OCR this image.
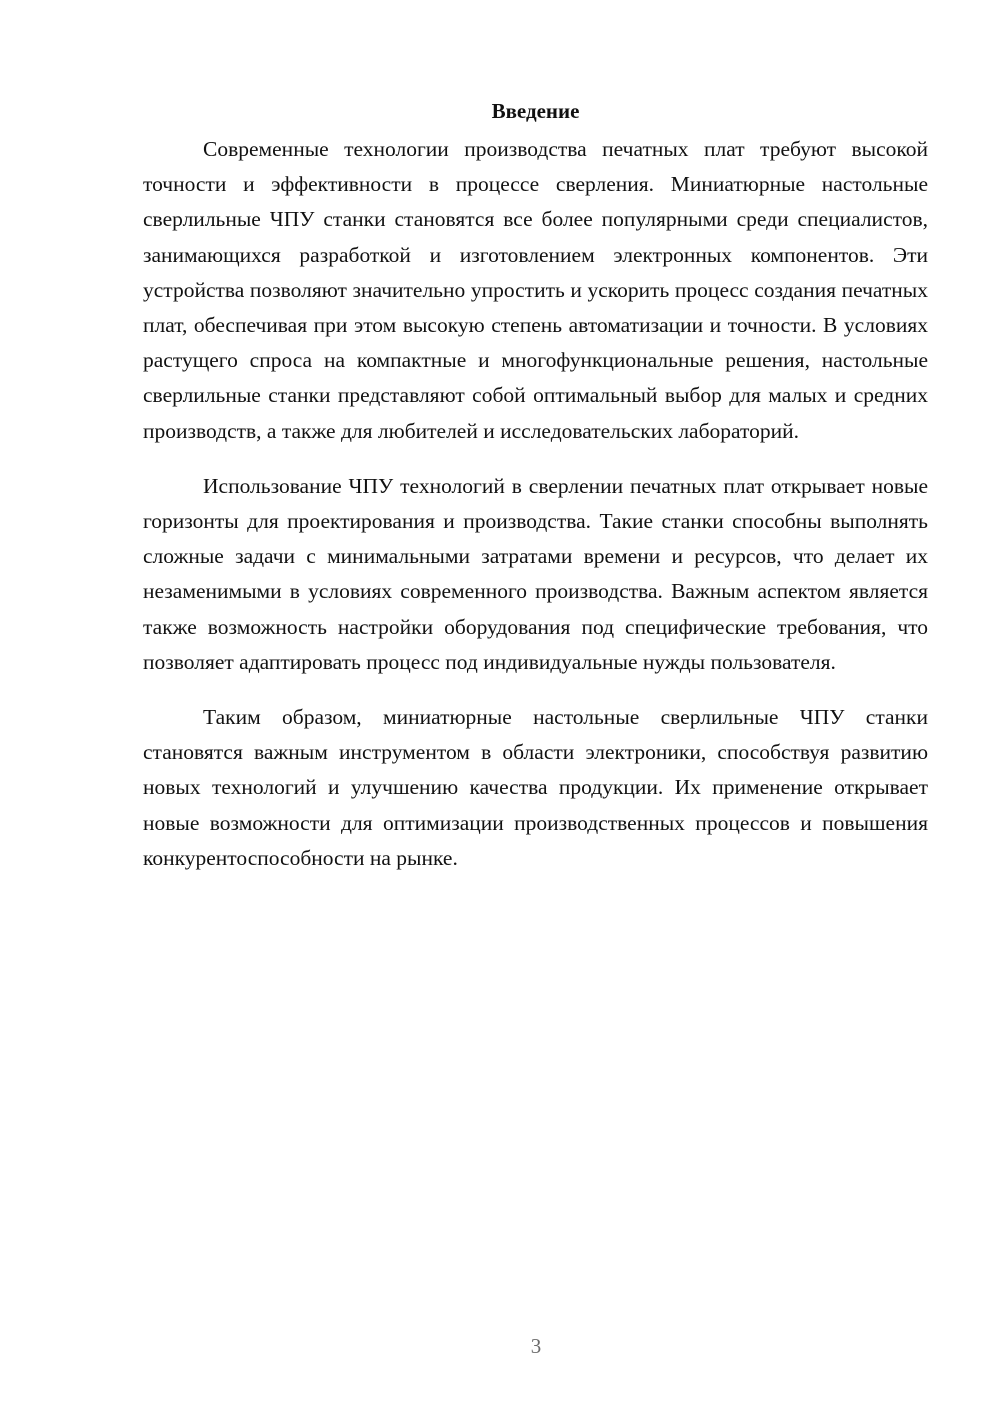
Введение

Современные технологии производства печатных плат требуют высокой точности и эффективности в процессе сверления. Миниатюрные настольные сверлильные ЧПУ станки становятся все более популярными среди специалистов, занимающихся разработкой и изготовлением электронных компонентов. Эти устройства позволяют значительно упростить и ускорить процесс создания печатных плат, обеспечивая при этом высокую степень автоматизации и точности. В условиях растущего спроса на компактные и многофункциональные решения, настольные сверлильные станки представляют собой оптимальный выбор для малых и средних производств, а также для любителей и исследовательских лабораторий.

Использование ЧПУ технологий в сверлении печатных плат открывает новые горизонты для проектирования и производства. Такие станки способны выполнять сложные задачи с минимальными затратами времени и ресурсов, что делает их незаменимыми в условиях современного производства. Важным аспектом является также возможность настройки оборудования под специфические требования, что позволяет адаптировать процесс под индивидуальные нужды пользователя.

Таким образом, миниатюрные настольные сверлильные ЧПУ станки становятся важным инструментом в области электроники, способствуя развитию новых технологий и улучшению качества продукции. Их применение открывает новые возможности для оптимизации производственных процессов и повышения конкурентоспособности на рынке.

3
